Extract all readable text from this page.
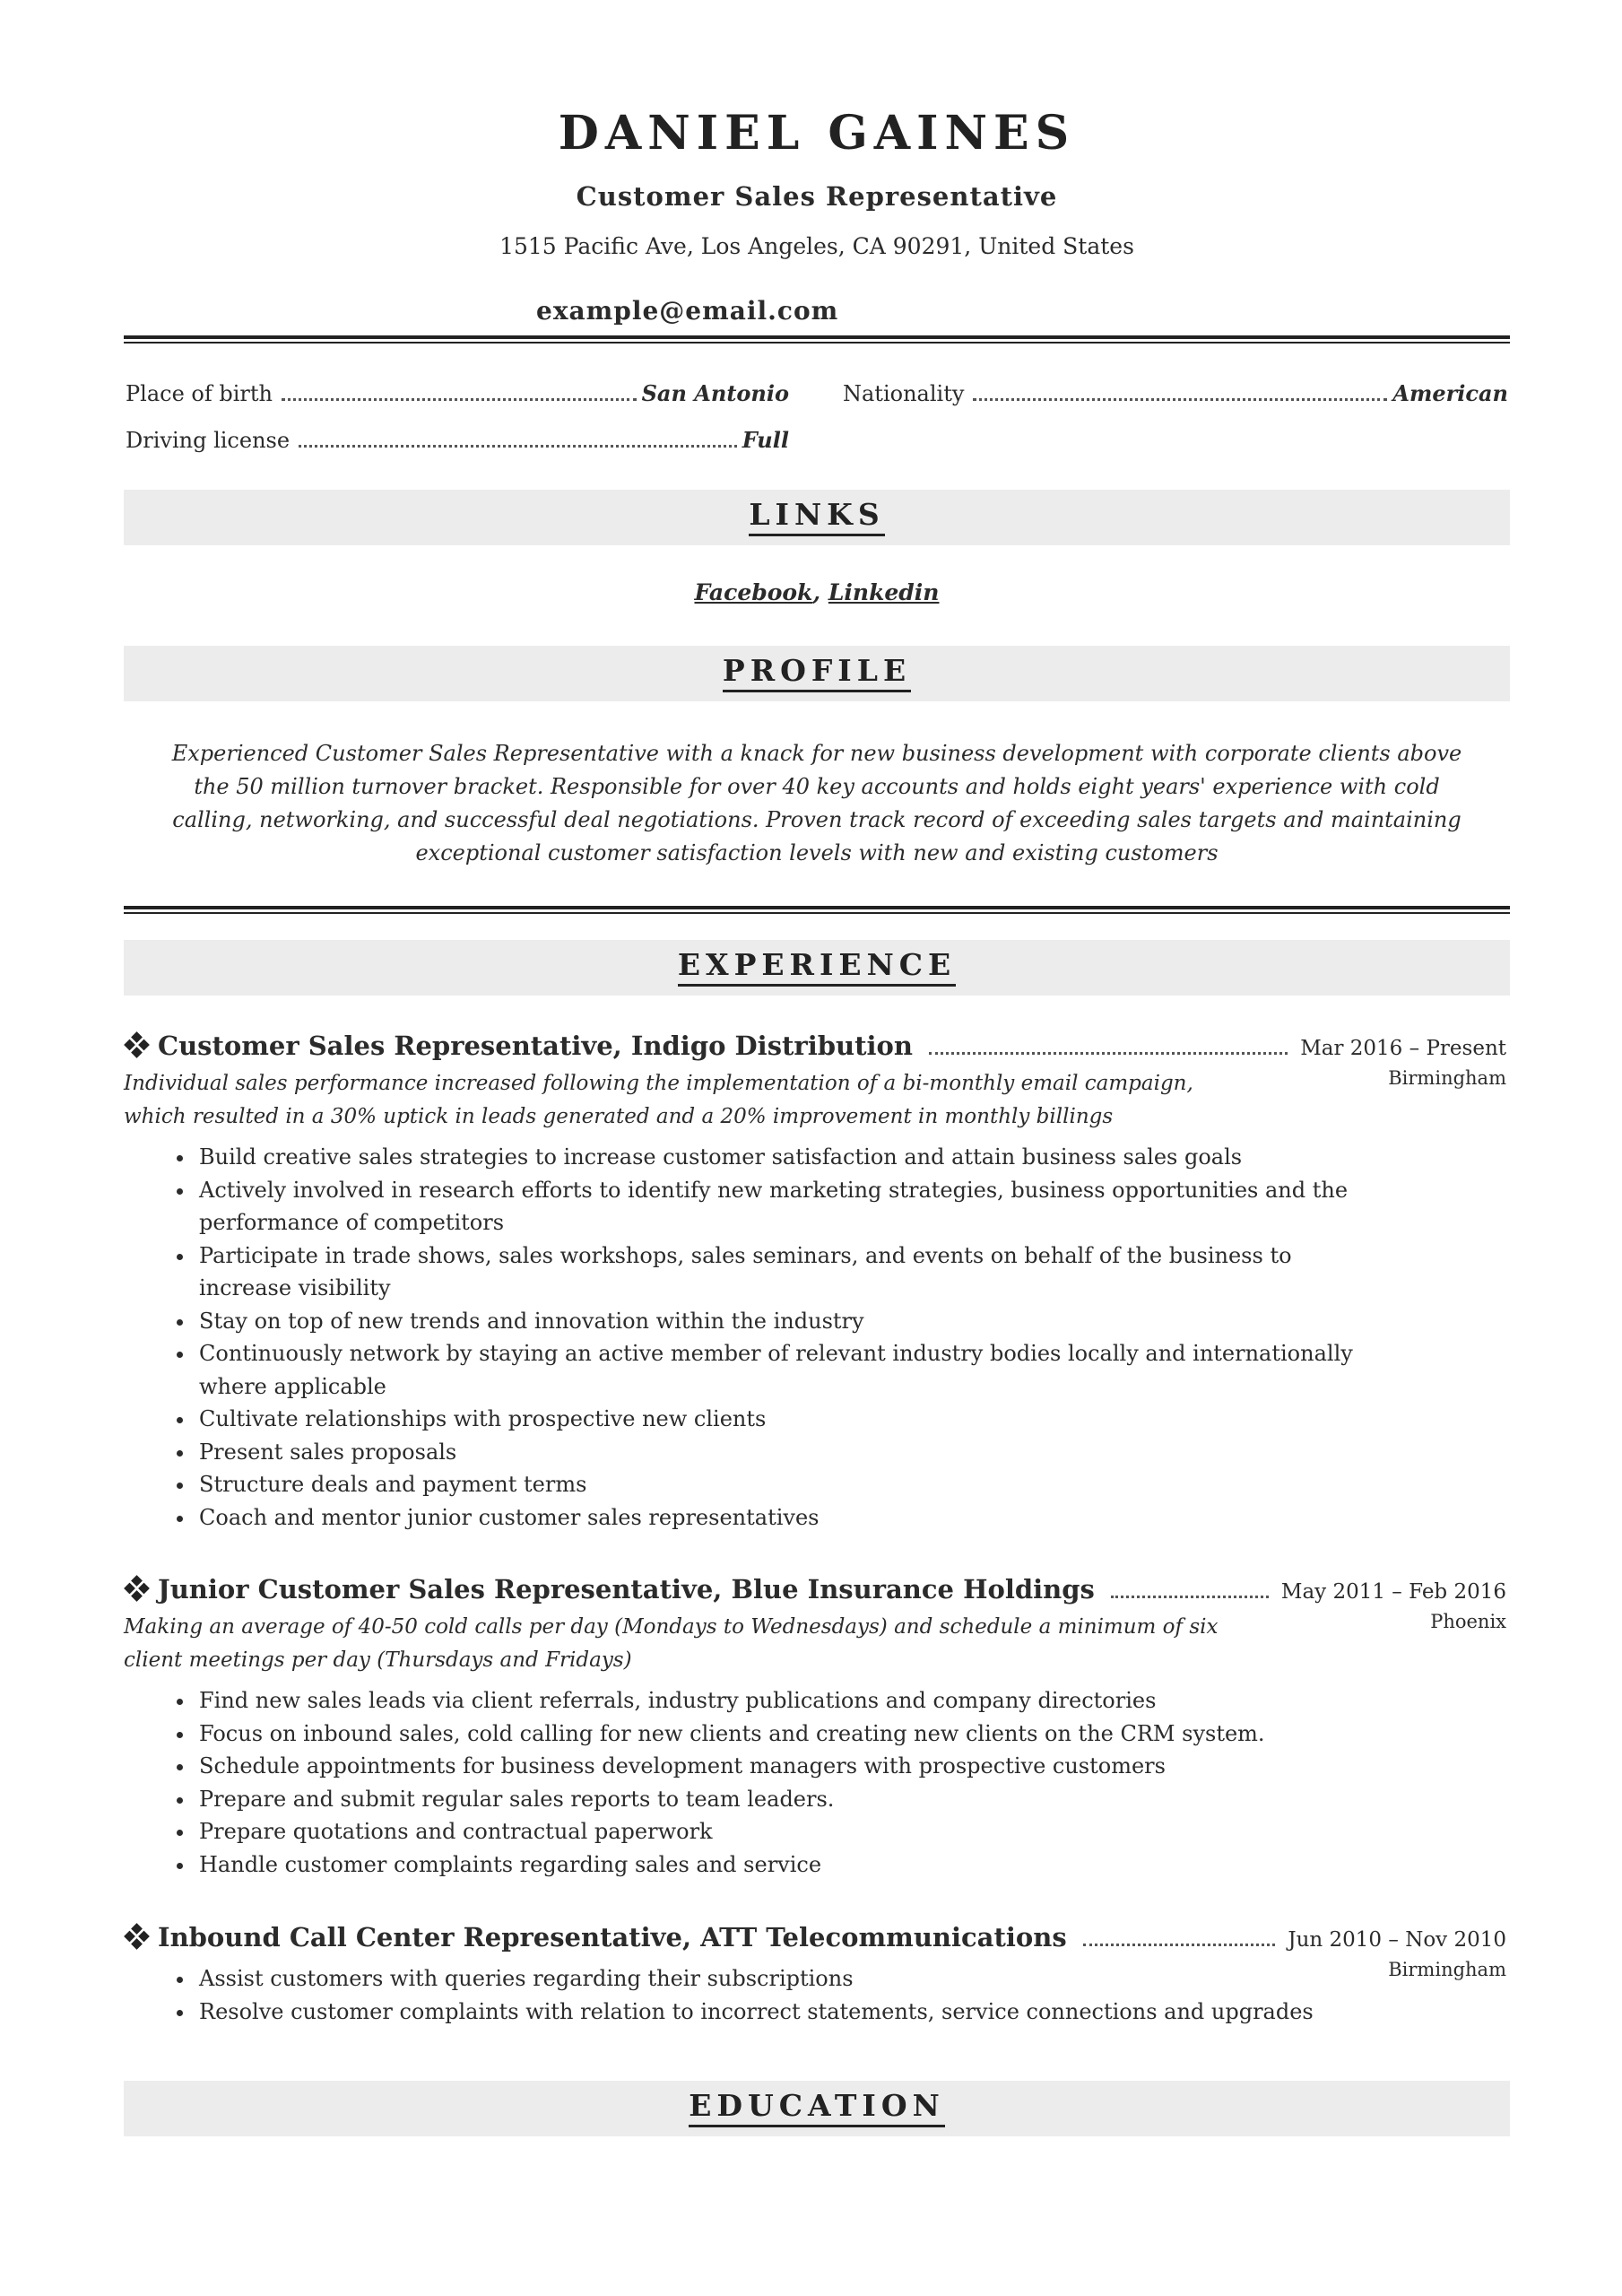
DANIEL GAINES
Customer Sales Representative
1515 Pacific Ave, Los Angeles, CA 90291, United States
example@email.com
Place of birth	San Antonio	Nationality	American
Driving license	Full
LINKS
Facebook, Linkedin
PROFILE
Experienced Customer Sales Representative with a knack for new business development with corporate clients above the 50 million turnover bracket. Responsible for over 40 key accounts and holds eight years' experience with cold calling, networking, and successful deal negotiations. Proven track record of exceeding sales targets and maintaining exceptional customer satisfaction levels with new and existing customers
EXPERIENCE
Customer Sales Representative, Indigo Distribution	Mar 2016 – Present
Birmingham
Individual sales performance increased following the implementation of a bi-monthly email campaign, which resulted in a 30% uptick in leads generated and a 20% improvement in monthly billings
• Build creative sales strategies to increase customer satisfaction and attain business sales goals
• Actively involved in research efforts to identify new marketing strategies, business opportunities and the performance of competitors
• Participate in trade shows, sales workshops, sales seminars, and events on behalf of the business to increase visibility
• Stay on top of new trends and innovation within the industry
• Continuously network by staying an active member of relevant industry bodies locally and internationally where applicable
• Cultivate relationships with prospective new clients
• Present sales proposals
• Structure deals and payment terms
• Coach and mentor junior customer sales representatives
Junior Customer Sales Representative, Blue Insurance Holdings	May 2011 – Feb 2016
Phoenix
Making an average of 40-50 cold calls per day (Mondays to Wednesdays) and schedule a minimum of six client meetings per day (Thursdays and Fridays)
• Find new sales leads via client referrals, industry publications and company directories
• Focus on inbound sales, cold calling for new clients and creating new clients on the CRM system.
• Schedule appointments for business development managers with prospective customers
• Prepare and submit regular sales reports to team leaders.
• Prepare quotations and contractual paperwork
• Handle customer complaints regarding sales and service
Inbound Call Center Representative, ATT Telecommunications	Jun 2010 – Nov 2010
Birmingham
• Assist customers with queries regarding their subscriptions
• Resolve customer complaints with relation to incorrect statements, service connections and upgrades
EDUCATION
